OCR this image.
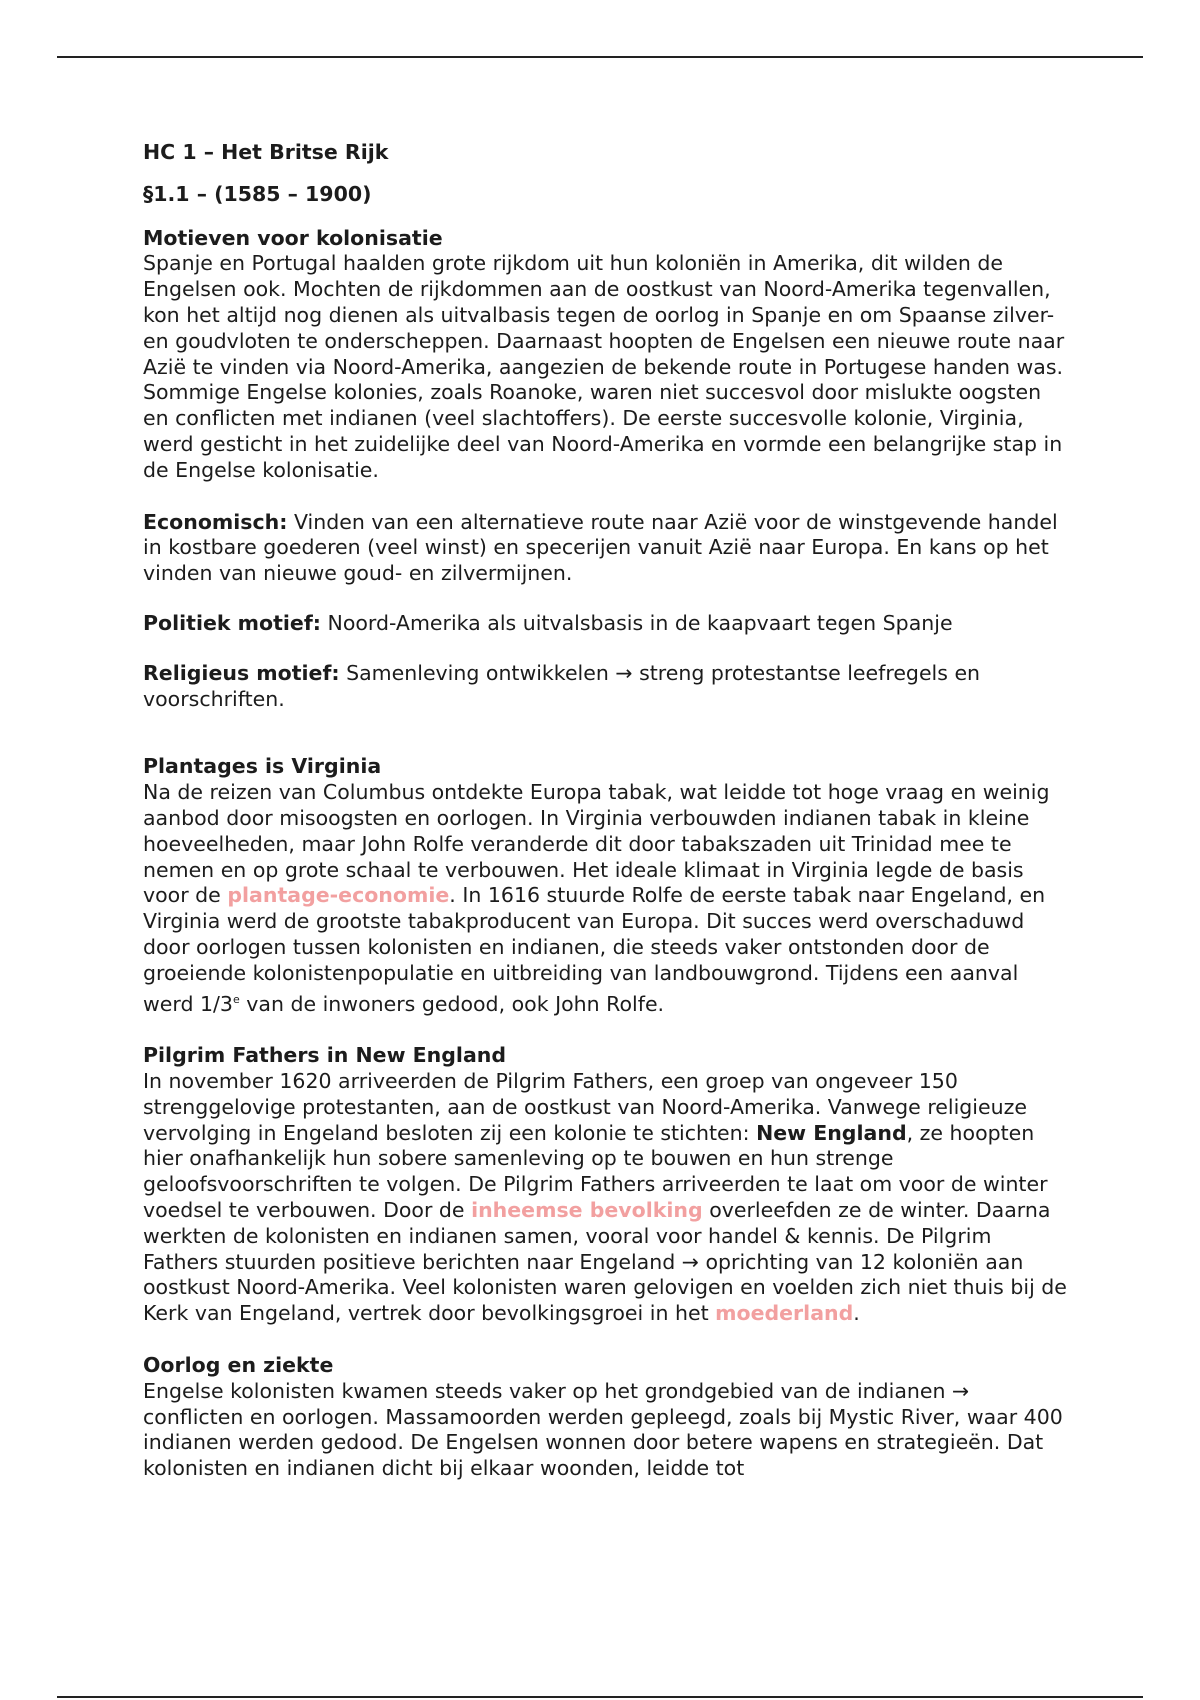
HC 1 – Het Britse Rijk

§1.1 – (1585 – 1900)

Motieven voor kolonisatie
Spanje en Portugal haalden grote rijkdom uit hun koloniën in Amerika, dit wilden de Engelsen ook. Mochten de rijkdommen aan de oostkust van Noord-Amerika tegenvallen, kon het altijd nog dienen als uitvalbasis tegen de oorlog in Spanje en om Spaanse zilver- en goudvloten te onderscheppen. Daarnaast hoopten de Engelsen een nieuwe route naar Azië te vinden via Noord-Amerika, aangezien de bekende route in Portugese handen was. Sommige Engelse kolonies, zoals Roanoke, waren niet succesvol door mislukte oogsten en conflicten met indianen (veel slachtoffers). De eerste succesvolle kolonie, Virginia, werd gesticht in het zuidelijke deel van Noord-Amerika en vormde een belangrijke stap in de Engelse kolonisatie.

Economisch: Vinden van een alternatieve route naar Azië voor de winstgevende handel in kostbare goederen (veel winst) en specerijen vanuit Azië naar Europa. En kans op het vinden van nieuwe goud- en zilvermijnen.

Politiek motief: Noord-Amerika als uitvalsbasis in de kaapvaart tegen Spanje

Religieus motief: Samenleving ontwikkelen → streng protestantse leefregels en voorschriften.

Plantages is Virginia
Na de reizen van Columbus ontdekte Europa tabak, wat leidde tot hoge vraag en weinig aanbod door misoogsten en oorlogen. In Virginia verbouwden indianen tabak in kleine hoeveelheden, maar John Rolfe veranderde dit door tabakszaden uit Trinidad mee te nemen en op grote schaal te verbouwen. Het ideale klimaat in Virginia legde de basis voor de plantage-economie. In 1616 stuurde Rolfe de eerste tabak naar Engeland, en Virginia werd de grootste tabakproducent van Europa. Dit succes werd overschaduwd door oorlogen tussen kolonisten en indianen, die steeds vaker ontstonden door de groeiende kolonistenpopulatie en uitbreiding van landbouwgrond. Tijdens een aanval werd 1/3e van de inwoners gedood, ook John Rolfe.
Pilgrim Fathers in New England
In november 1620 arriveerden de Pilgrim Fathers, een groep van ongeveer 150 strenggelovige protestanten, aan de oostkust van Noord-Amerika. Vanwege religieuze vervolging in Engeland besloten zij een kolonie te stichten: New England, ze hoopten hier onafhankelijk hun sobere samenleving op te bouwen en hun strenge geloofsvoorschriften te volgen. De Pilgrim Fathers arriveerden te laat om voor de winter voedsel te verbouwen. Door de inheemse bevolking overleefden ze de winter. Daarna werkten de kolonisten en indianen samen, vooral voor handel & kennis. De Pilgrim Fathers stuurden positieve berichten naar Engeland → oprichting van 12 koloniën aan oostkust Noord-Amerika. Veel kolonisten waren gelovigen en voelden zich niet thuis bij de Kerk van Engeland, vertrek door bevolkingsgroei in het moederland.
Oorlog en ziekte
Engelse kolonisten kwamen steeds vaker op het grondgebied van de indianen → conflicten en oorlogen. Massamoorden werden gepleegd, zoals bij Mystic River, waar 400 indianen werden gedood. De Engelsen wonnen door betere wapens en strategieën. Dat kolonisten en indianen dicht bij elkaar woonden, leidde tot
